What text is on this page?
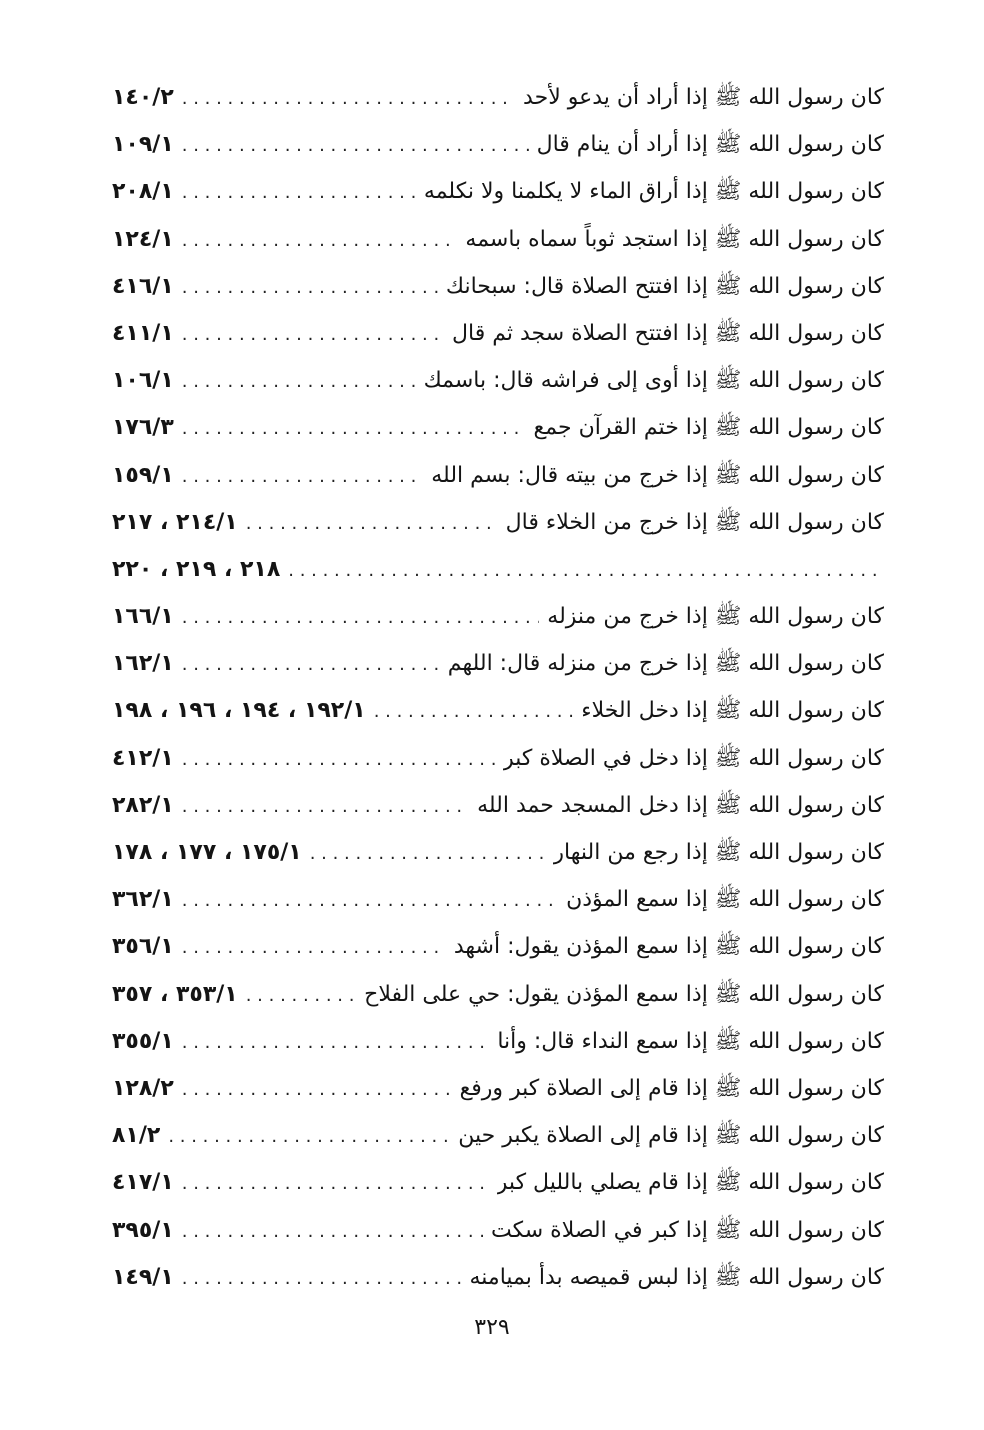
كان رسول الله ﷺ إذا أراد أن يدعو لأحد
. . .
١٤٠/٢
كان رسول الله ﷺ إذا أراد أن ينام قال
. . .
١٠٩/١
كان رسول الله ﷺ إذا أراق الماء لا يكلمنا ولا نكلمه
. . .
٢٠٨/١
كان رسول الله ﷺ إذا استجد ثوباً سماه باسمه
. . .
١٢٤/١
كان رسول الله ﷺ إذا افتتح الصلاة قال: سبحانك
. . .
٤١٦/١
كان رسول الله ﷺ إذا افتتح الصلاة سجد ثم قال
. . .
٤١١/١
كان رسول الله ﷺ إذا أوى إلى فراشه قال: باسمك
. . .
١٠٦/١
كان رسول الله ﷺ إذا ختم القرآن جمع
. . .
١٧٦/٣
كان رسول الله ﷺ إذا خرج من بيته قال: بسم الله
. . .
١٥٩/١
كان رسول الله ﷺ إذا خرج من الخلاء قال
. . .
٢١٤/١ ، ٢١٧
. . .
٢١٨ ، ٢١٩ ، ٢٢٠
كان رسول الله ﷺ إذا خرج من منزله
. . .
١٦٦/١
كان رسول الله ﷺ إذا خرج من منزله قال: اللهم
. . .
١٦٢/١
كان رسول الله ﷺ إذا دخل الخلاء
. . .
١٩٢/١ ، ١٩٤ ، ١٩٦ ، ١٩٨
كان رسول الله ﷺ إذا دخل في الصلاة كبر
. . .
٤١٢/١
كان رسول الله ﷺ إذا دخل المسجد حمد الله
. . .
٢٨٢/١
كان رسول الله ﷺ إذا رجع من النهار
. . .
١٧٥/١ ، ١٧٧ ، ١٧٨
كان رسول الله ﷺ إذا سمع المؤذن
. . .
٣٦٢/١
كان رسول الله ﷺ إذا سمع المؤذن يقول: أشهد
. . .
٣٥٦/١
كان رسول الله ﷺ إذا سمع المؤذن يقول: حي على الفلاح
. . .
٣٥٣/١ ، ٣٥٧
كان رسول الله ﷺ إذا سمع النداء قال: وأنا
. . .
٣٥٥/١
كان رسول الله ﷺ إذا قام إلى الصلاة كبر ورفع
. . .
١٢٨/٢
كان رسول الله ﷺ إذا قام إلى الصلاة يكبر حين
. . .
٨١/٢
كان رسول الله ﷺ إذا قام يصلي بالليل كبر
. . .
٤١٧/١
كان رسول الله ﷺ إذا كبر في الصلاة سكت
. . .
٣٩٥/١
كان رسول الله ﷺ إذا لبس قميصه بدأ بميامنه
. . .
١٤٩/١
٣٢٩
